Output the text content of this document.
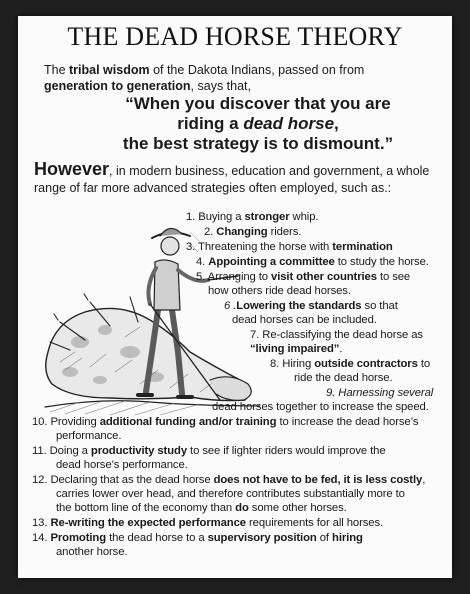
THE DEAD HORSE THEORY
The tribal wisdom of the Dakota Indians, passed on from
generation to generation, says that,
“When you discover that you are
riding a dead horse,
the best strategy is to dismount.”
However, in modern business, education and government, a whole
range of far more advanced strategies often employed, such as.:
1. Buying a stronger whip.
2. Changing riders.
3. Threatening the horse with termination
4. Appointing a committee to study the horse.
5. Arranging to visit other countries to see
how others ride dead horses.
6 .Lowering the standards so that
dead horses can be included.
7. Re-classifying the dead horse as
“living impaired”.
8. Hiring outside contractors to
ride the dead horse.
9. Harnessing several
dead horses together to increase the speed.
10. Providing additional funding and/or training to increase the dead horse’s
performance.
11. Doing a productivity study to see if lighter riders would improve the
dead horse’s performance.
12. Declaring that as the dead horse does not have to be fed, it is less costly,
carries lower over head, and therefore contributes substantially more to
the bottom line of the economy than do some other horses.
13. Re-writing the expected performance requirements for all horses.
14. Promoting the dead horse to a supervisory position of hiring
another horse.
